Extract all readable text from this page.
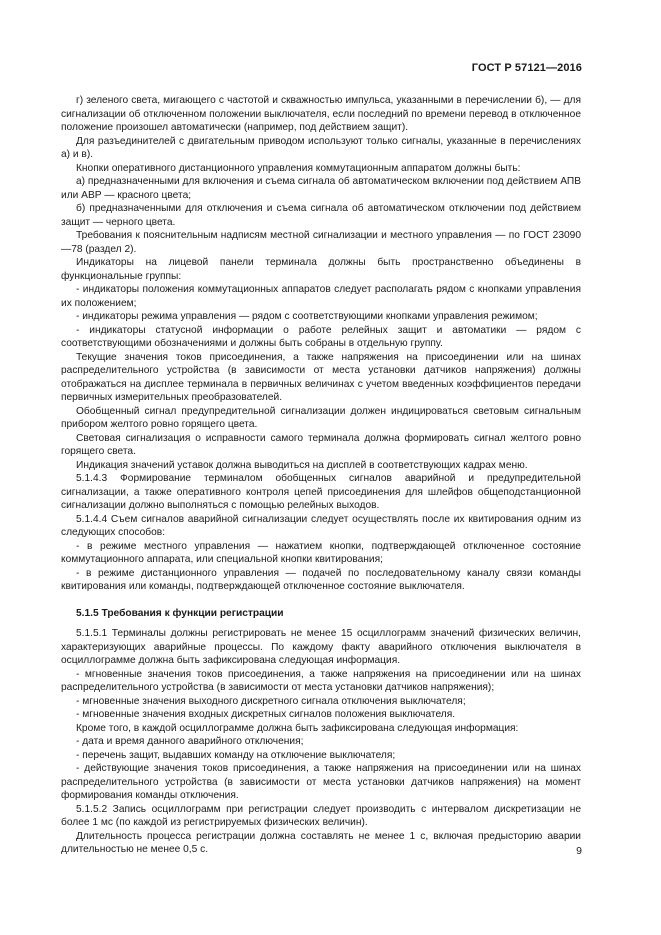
ГОСТ Р 57121—2016

г) зеленого света, мигающего с частотой и скважностью импульса, указанными в перечислении б), — для сигнализации об отключенном положении выключателя, если последний по времени перевод в отключенное положение произошел автоматически (например, под действием защит).

Для разъединителей с двигательным приводом используют только сигналы, указанные в перечислениях а) и в).

Кнопки оперативного дистанционного управления коммутационным аппаратом должны быть:

а) предназначенными для включения и съема сигнала об автоматическом включении под действием АПВ или АВР — красного цвета;

б) предназначенными для отключения и съема сигнала об автоматическом отключении под действием защит — черного цвета.

Требования к пояснительным надписям местной сигнализации и местного управления — по ГОСТ 23090—78 (раздел 2).

Индикаторы на лицевой панели терминала должны быть пространственно объединены в функциональные группы:

- индикаторы положения коммутационных аппаратов следует располагать рядом с кнопками управления их положением;

- индикаторы режима управления — рядом с соответствующими кнопками управления режимом;

- индикаторы статусной информации о работе релейных защит и автоматики — рядом с соответствующими обозначениями и должны быть собраны в отдельную группу.

Текущие значения токов присоединения, а также напряжения на присоединении или на шинах распределительного устройства (в зависимости от места установки датчиков напряжения) должны отображаться на дисплее терминала в первичных величинах с учетом введенных коэффициентов передачи первичных измерительных преобразователей.

Обобщенный сигнал предупредительной сигнализации должен индицироваться световым сигнальным прибором желтого ровно горящего цвета.

Световая сигнализация о исправности самого терминала должна формировать сигнал желтого ровно горящего света.

Индикация значений уставок должна выводиться на дисплей в соответствующих кадрах меню.

5.1.4.3 Формирование терминалом обобщенных сигналов аварийной и предупредительной сигнализации, а также оперативного контроля цепей присоединения для шлейфов общеподстанционной сигнализации должно выполняться с помощью релейных выходов.

5.1.4.4 Съем сигналов аварийной сигнализации следует осуществлять после их квитирования одним из следующих способов:

- в режиме местного управления — нажатием кнопки, подтверждающей отключенное состояние коммутационного аппарата, или специальной кнопки квитирования;

- в режиме дистанционного управления — подачей по последовательному каналу связи команды квитирования или команды, подтверждающей отключенное состояние выключателя.

5.1.5 Требования к функции регистрации

5.1.5.1 Терминалы должны регистрировать не менее 15 осциллограмм значений физических величин, характеризующих аварийные процессы. По каждому факту аварийного отключения выключателя в осциллограмме должна быть зафиксирована следующая информация.

- мгновенные значения токов присоединения, а также напряжения на присоединении или на шинах распределительного устройства (в зависимости от места установки датчиков напряжения);

- мгновенные значения выходного дискретного сигнала отключения выключателя;

- мгновенные значения входных дискретных сигналов положения выключателя.

Кроме того, в каждой осциллограмме должна быть зафиксирована следующая информация:

- дата и время данного аварийного отключения;

- перечень защит, выдавших команду на отключение выключателя;

- действующие значения токов присоединения, а также напряжения на присоединении или на шинах распределительного устройства (в зависимости от места установки датчиков напряжения) на момент формирования команды отключения.

5.1.5.2 Запись осциллограмм при регистрации следует производить с интервалом дискретизации не более 1 мс (по каждой из регистрируемых физических величин).

Длительность процесса регистрации должна составлять не менее 1 с, включая предысторию аварии длительностью не менее 0,5 с.	9
